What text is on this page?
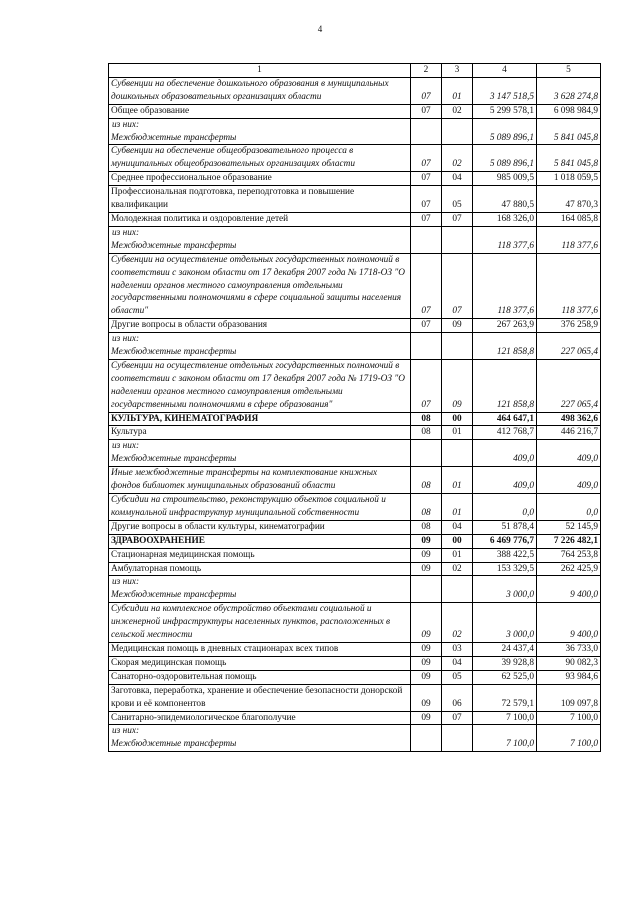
4
1	2	3	4	5
Субвенции на обеспечение дошкольного образования в муниципальных дошкольных образовательных организациях области	07	01	3 147 518,5	3 628 274,8
Общее образование	07	02	5 299 578,1	6 098 984,9

из них:
Межбюджетные трансферты			5 089 896,1	5 841 045,8
Субвенции на обеспечение общеобразовательного процесса в муниципальных общеобразовательных организациях области	07	02	5 089 896,1	5 841 045,8
Среднее профессиональное образование	07	04	985 009,5	1 018 059,5
Профессиональная подготовка, переподготовка и повышение квалификации	07	05	47 880,5	47 870,3
Молодежная политика и оздоровление детей	07	07	168 326,0	164 085,8

из них:
Межбюджетные трансферты			118 377,6	118 377,6
Субвенции на осуществление отдельных государственных полномочий в соответствии с законом области от 17 декабря 2007 года № 1718-ОЗ "О наделении органов местного самоуправления отдельными государственными полномочиями в сфере социальной защиты населения области"	07	07	118 377,6	118 377,6
Другие вопросы в области образования	07	09	267 263,9	376 258,9

из них:
Межбюджетные трансферты			121 858,8	227 065,4
Субвенции на осуществление отдельных государственных полномочий в соответствии с законом области от 17 декабря 2007 года № 1719-ОЗ "О наделении органов местного самоуправления отдельными государственными полномочиями в сфере образования"	07	09	121 858,8	227 065,4
КУЛЬТУРА, КИНЕМАТОГРАФИЯ	08	00	464 647,1	498 362,6
Культура	08	01	412 768,7	446 216,7

из них:
Межбюджетные трансферты			409,0	409,0
Иные межбюджетные трансферты на комплектование книжных фондов библиотек муниципальных образований области	08	01	409,0	409,0
Субсидии на строительство, реконструкцию объектов социальной и коммунальной инфраструктур муниципальной собственности	08	01	0,0	0,0
Другие вопросы в области культуры, кинематографии	08	04	51 878,4	52 145,9
ЗДРАВООХРАНЕНИЕ	09	00	6 469 776,7	7 226 482,1
Стационарная медицинская помощь	09	01	388 422,5	764 253,8
Амбулаторная помощь	09	02	153 329,5	262 425,9

из них:
Межбюджетные трансферты			3 000,0	9 400,0
Субсидии на комплексное обустройство объектами социальной и инженерной инфраструктуры населенных пунктов, расположенных в сельской местности	09	02	3 000,0	9 400,0
Медицинская помощь в дневных стационарах всех типов	09	03	24 437,4	36 733,0
Скорая медицинская помощь	09	04	39 928,8	90 082,3
Санаторно-оздоровительная помощь	09	05	62 525,0	93 984,6
Заготовка, переработка, хранение и обеспечение безопасности донорской крови и её компонентов	09	06	72 579,1	109 097,8
Санитарно-эпидемиологическое благополучие	09	07	7 100,0	7 100,0

из них:
Межбюджетные трансферты			7 100,0	7 100,0
